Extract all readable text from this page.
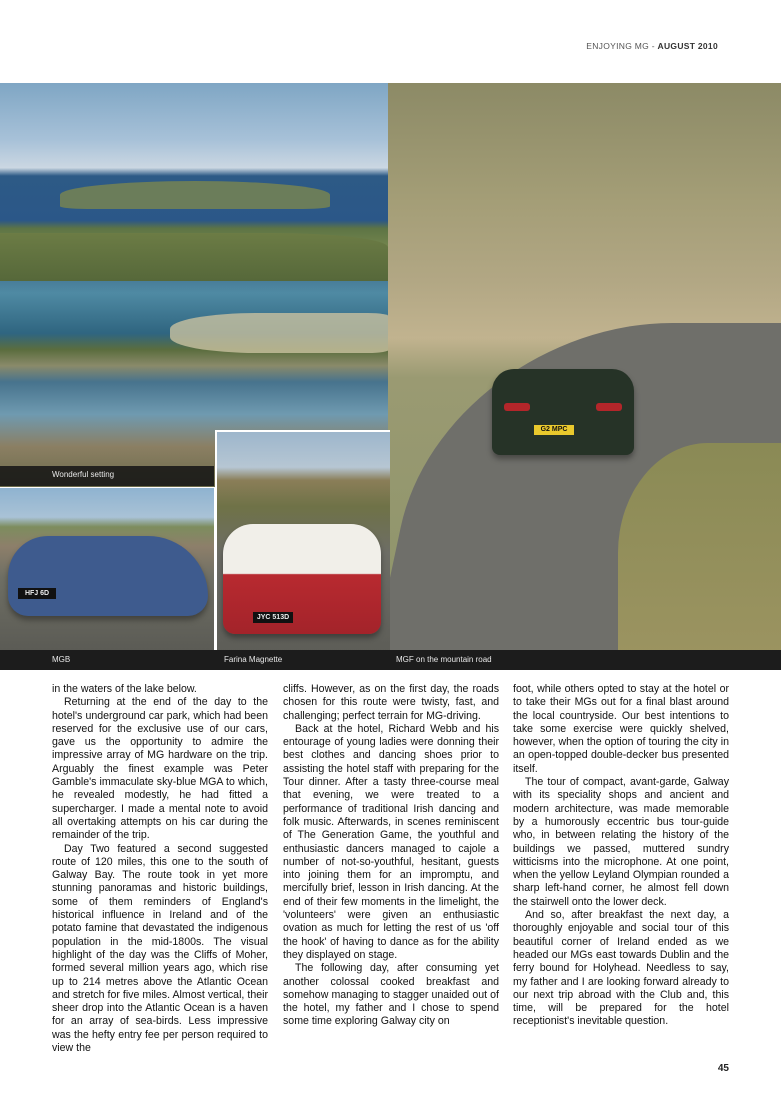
ENJOYING MG - AUGUST 2010
G2 MPC
HFJ 6D
JYC 513D
Wonderful setting
MGB	Farina Magnette	MGF on the mountain road

in the waters of the lake below.

Returning at the end of the day to the hotel's underground car park, which had been reserved for the exclusive use of our cars, gave us the opportunity to admire the impressive array of MG hardware on the trip. Arguably the finest example was Peter Gamble's immaculate sky-blue MGA to which, he revealed modestly, he had fitted a supercharger. I made a mental note to avoid all overtaking attempts on his car during the remainder of the trip.

Day Two featured a second suggested route of 120 miles, this one to the south of Galway Bay. The route took in yet more stunning panoramas and historic buildings, some of them reminders of England's historical influence in Ireland and of the potato famine that devastated the indigenous population in the mid-1800s. The visual highlight of the day was the Cliffs of Moher, formed several million years ago, which rise up to 214 metres above the Atlantic Ocean and stretch for five miles. Almost vertical, their sheer drop into the Atlantic Ocean is a haven for an array of sea-birds. Less impressive was the hefty entry fee per person required to view the

cliffs. However, as on the first day, the roads chosen for this route were twisty, fast, and challenging; perfect terrain for MG-driving.

Back at the hotel, Richard Webb and his entourage of young ladies were donning their best clothes and dancing shoes prior to assisting the hotel staff with preparing for the Tour dinner. After a tasty three-course meal that evening, we were treated to a performance of traditional Irish dancing and folk music. Afterwards, in scenes reminiscent of The Generation Game, the youthful and enthusiastic dancers managed to cajole a number of not-so-youthful, hesitant, guests into joining them for an impromptu, and mercifully brief, lesson in Irish dancing. At the end of their few moments in the limelight, the 'volunteers' were given an enthusiastic ovation as much for letting the rest of us 'off the hook' of having to dance as for the ability they displayed on stage.

The following day, after consuming yet another colossal cooked breakfast and somehow managing to stagger unaided out of the hotel, my father and I chose to spend some time exploring Galway city on

foot, while others opted to stay at the hotel or to take their MGs out for a final blast around the local countryside. Our best intentions to take some exercise were quickly shelved, however, when the option of touring the city in an open-topped double-decker bus presented itself.

The tour of compact, avant-garde, Galway with its speciality shops and ancient and modern architecture, was made memorable by a humorously eccentric bus tour-guide who, in between relating the history of the buildings we passed, muttered sundry witticisms into the microphone. At one point, when the yellow Leyland Olympian rounded a sharp left-hand corner, he almost fell down the stairwell onto the lower deck.

And so, after breakfast the next day, a thoroughly enjoyable and social tour of this beautiful corner of Ireland ended as we headed our MGs east towards Dublin and the ferry bound for Holyhead. Needless to say, my father and I are looking forward already to our next trip abroad with the Club and, this time, will be prepared for the hotel receptionist's inevitable question.

45
